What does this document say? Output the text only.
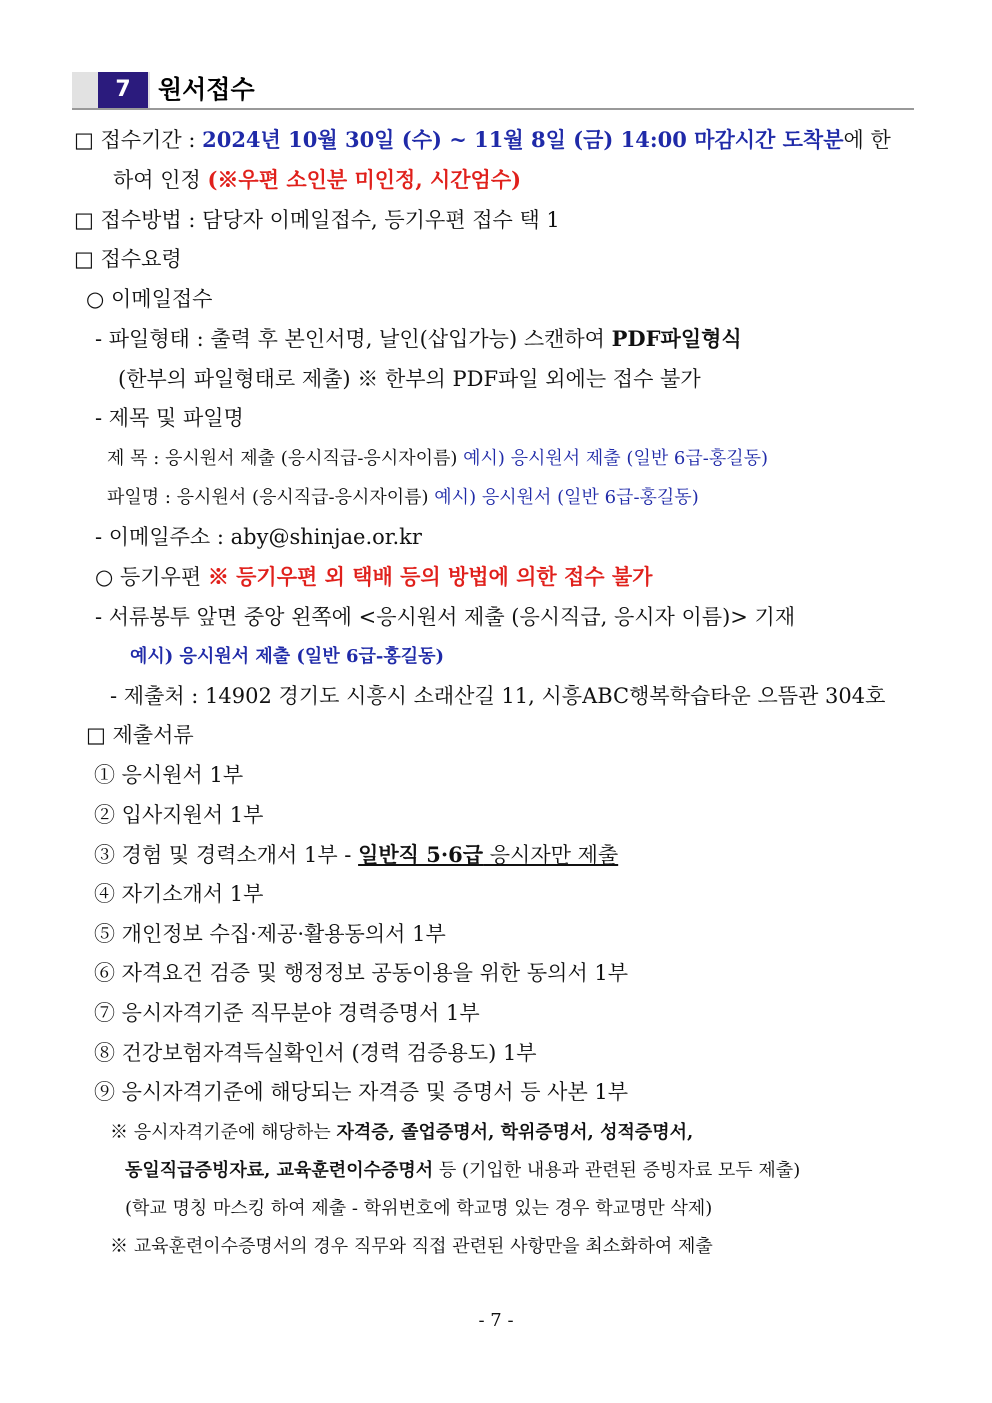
7	원서접수
□ 접수기간 : 2024년 10월 30일 (수) ~ 11월 8일 (금) 14:00 마감시간 도착분에 한
하여 인정 (※우편 소인분 미인정, 시간엄수)
□ 접수방법 : 담당자 이메일접수, 등기우편 접수 택 1
□ 접수요령
○ 이메일접수
- 파일형태 : 출력 후 본인서명, 날인(삽입가능) 스캔하여 PDF파일형식
(한부의 파일형태로 제출) ※ 한부의 PDF파일 외에는 접수 불가
- 제목 및 파일명
제 목 : 응시원서 제출 (응시직급-응시자이름) 예시) 응시원서 제출 (일반 6급-홍길동)
파일명 : 응시원서 (응시직급-응시자이름) 예시) 응시원서 (일반 6급-홍길동)
- 이메일주소 : aby@shinjae.or.kr
○ 등기우편 ※ 등기우편 외 택배 등의 방법에 의한 접수 불가
- 서류봉투 앞면 중앙 왼쪽에 <응시원서 제출 (응시직급, 응시자 이름)> 기재
예시) 응시원서 제출 (일반 6급-홍길동)
- 제출처 : 14902 경기도 시흥시 소래산길 11, 시흥ABC행복학습타운 으뜸관 304호
□ 제출서류
① 응시원서 1부
② 입사지원서 1부
③ 경험 및 경력소개서 1부 - 일반직 5·6급 응시자만 제출
④ 자기소개서 1부
⑤ 개인정보 수집·제공·활용동의서 1부
⑥ 자격요건 검증 및 행정정보 공동이용을 위한 동의서 1부
⑦ 응시자격기준 직무분야 경력증명서 1부
⑧ 건강보험자격득실확인서 (경력 검증용도) 1부
⑨ 응시자격기준에 해당되는 자격증 및 증명서 등 사본 1부
※ 응시자격기준에 해당하는 자격증, 졸업증명서, 학위증명서, 성적증명서,
동일직급증빙자료, 교육훈련이수증명서 등 (기입한 내용과 관련된 증빙자료 모두 제출)
(학교 명칭 마스킹 하여 제출 - 학위번호에 학교명 있는 경우 학교명만 삭제)
※ 교육훈련이수증명서의 경우 직무와 직접 관련된 사항만을 최소화하여 제출
- 7 -
